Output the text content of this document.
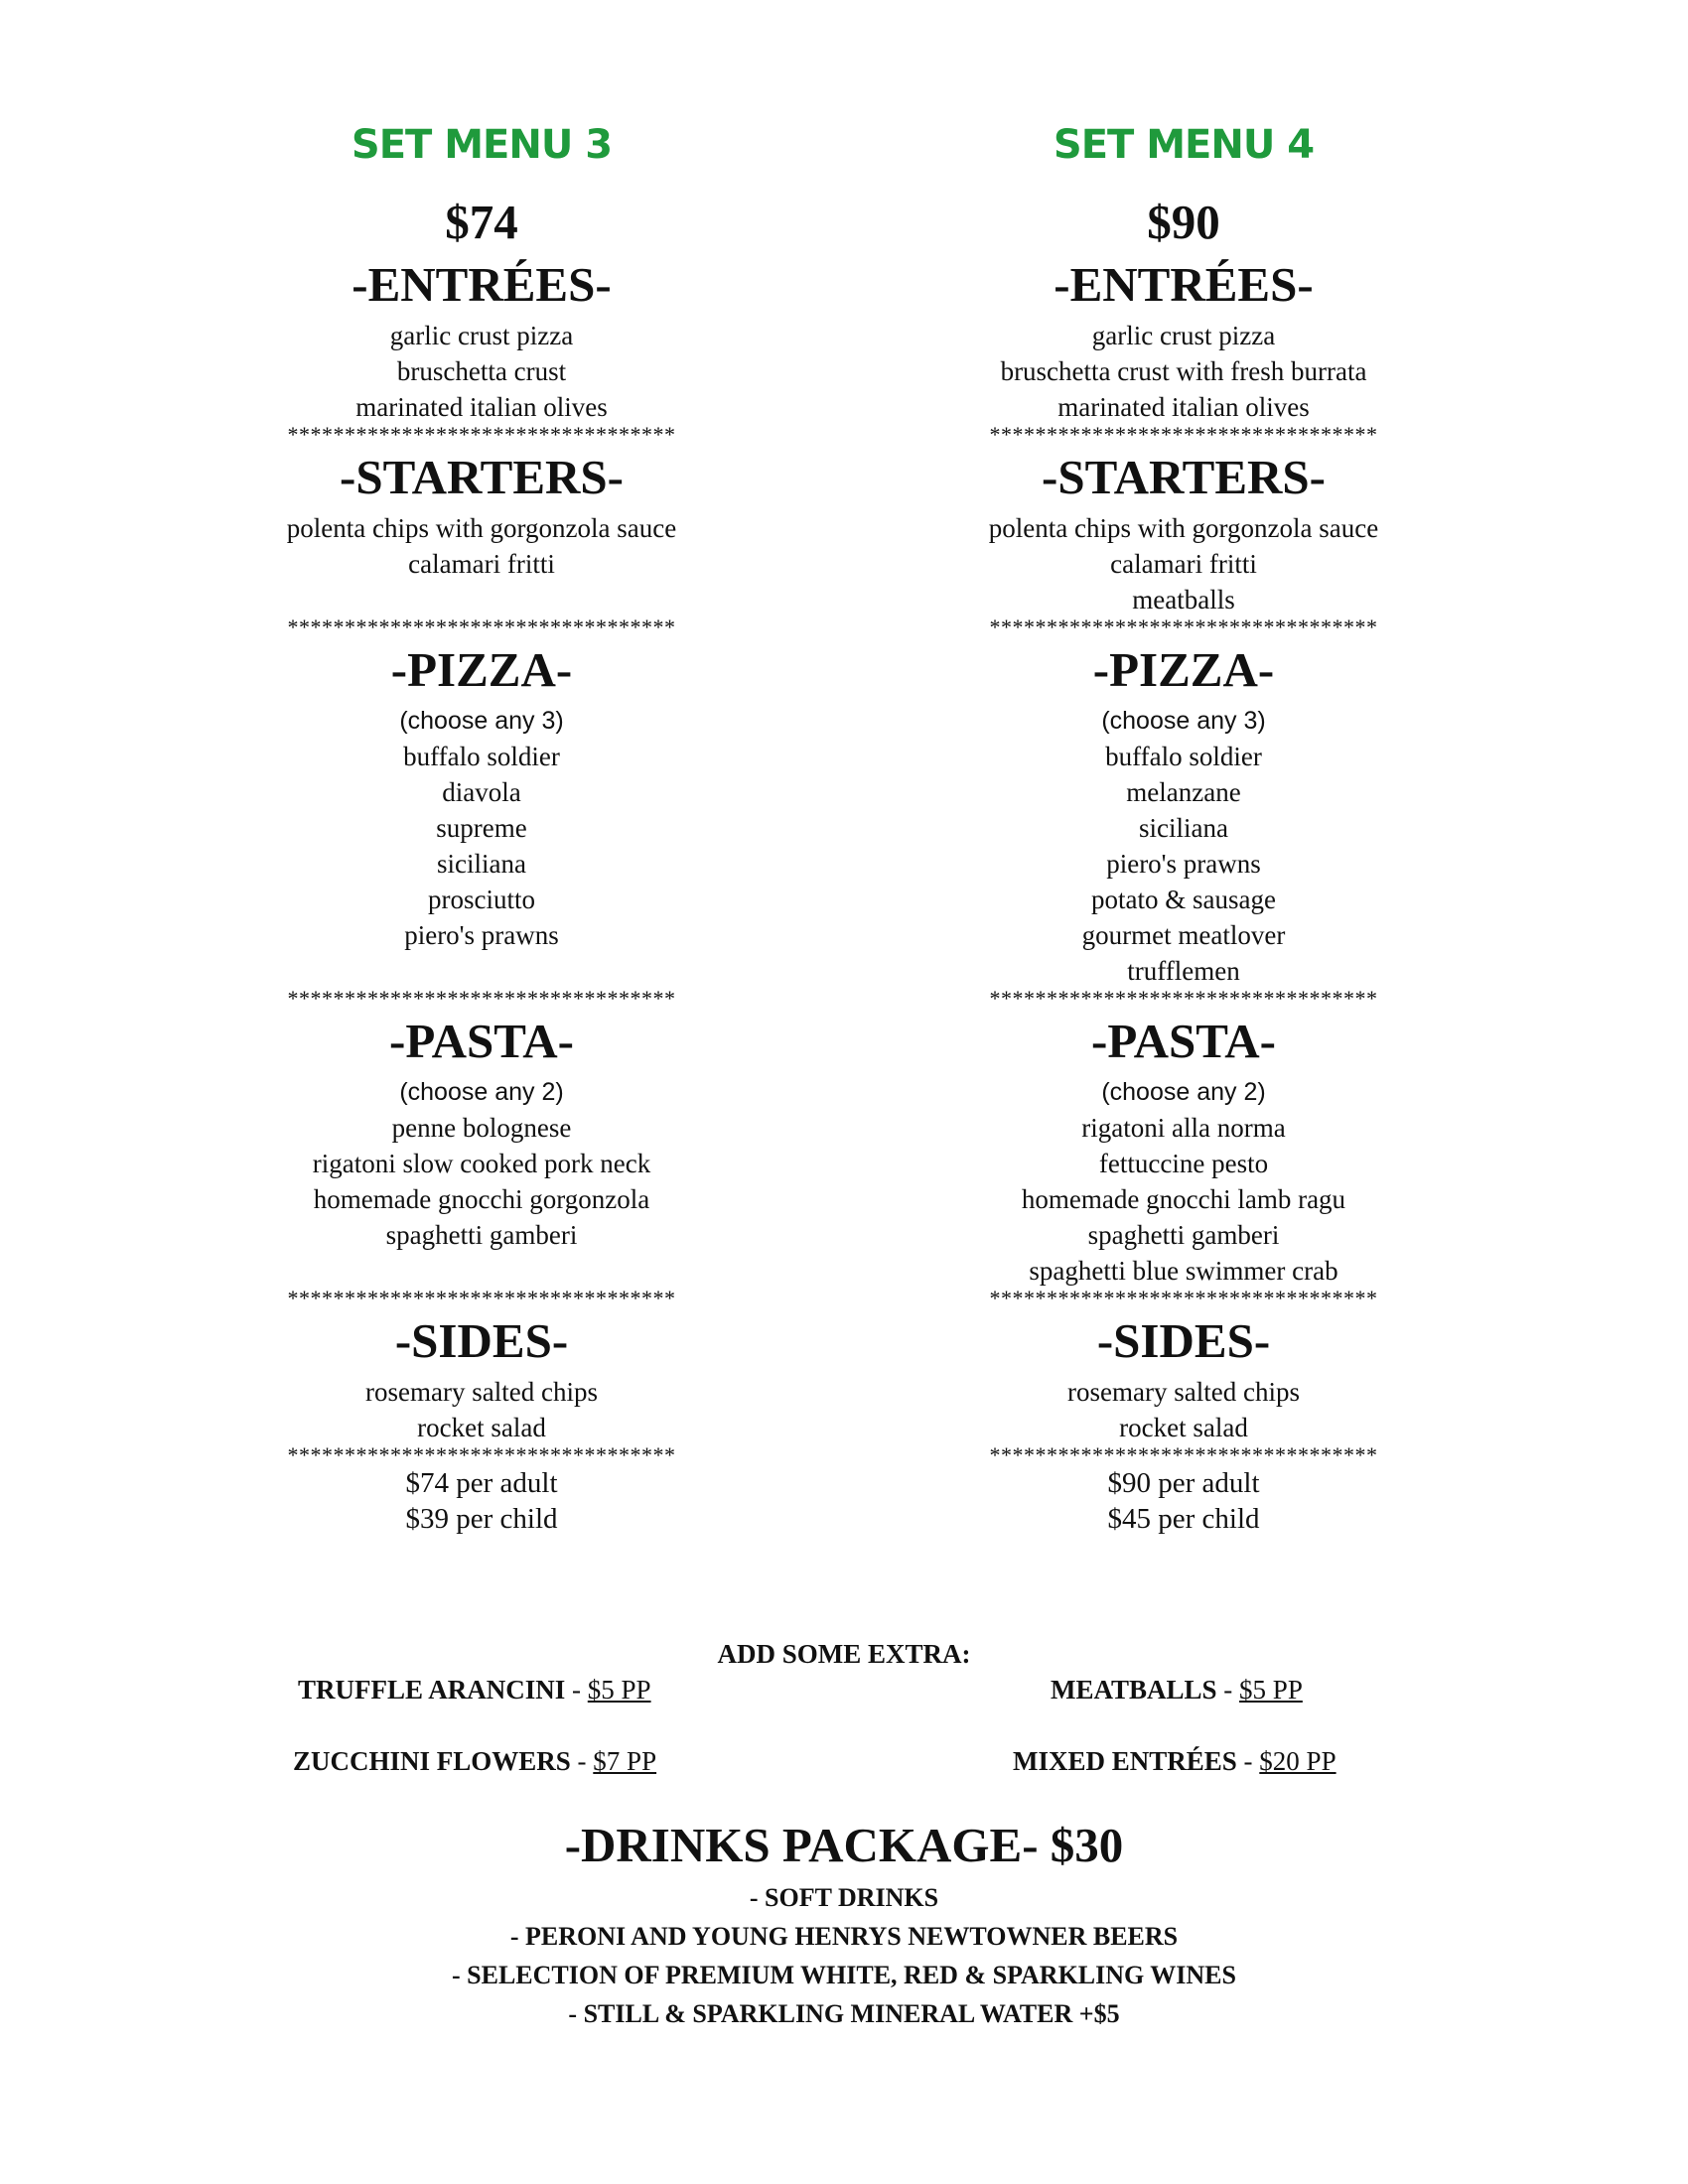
SET MENU 3
$74
-ENTRÉES-
garlic crust pizza
bruschetta crust
marinated italian olives
**********************************
-STARTERS-
polenta chips with gorgonzola sauce
calamari fritti
**********************************
-PIZZA-
(choose any 3)
buffalo soldier
diavola
supreme
siciliana
prosciutto
piero's prawns
**********************************
-PASTA-
(choose any 2)
penne bolognese
rigatoni slow cooked pork neck
homemade gnocchi gorgonzola
spaghetti gamberi
**********************************
-SIDES-
rosemary salted chips
rocket salad
**********************************
$74 per adult
$39 per child
SET MENU 4
$90
-ENTRÉES-
garlic crust pizza
bruschetta crust with fresh burrata
marinated italian olives
**********************************
-STARTERS-
polenta chips with gorgonzola sauce
calamari fritti
meatballs
**********************************
-PIZZA-
(choose any 3)
buffalo soldier
melanzane
siciliana
piero's prawns
potato & sausage
gourmet meatlover
trufflemen
**********************************
-PASTA-
(choose any 2)
rigatoni alla norma
fettuccine pesto
homemade gnocchi lamb ragu
spaghetti gamberi
spaghetti blue swimmer crab
**********************************
-SIDES-
rosemary salted chips
rocket salad
**********************************
$90 per adult
$45 per child
ADD SOME EXTRA:
TRUFFLE ARANCINI - $5 PP	MEATBALLS - $5 PP
ZUCCHINI FLOWERS - $7 PP	MIXED ENTRÉES - $20 PP
-DRINKS PACKAGE- $30
- SOFT DRINKS
- PERONI AND YOUNG HENRYS NEWTOWNER BEERS
- SELECTION OF PREMIUM WHITE, RED & SPARKLING WINES
- STILL & SPARKLING MINERAL WATER +$5
